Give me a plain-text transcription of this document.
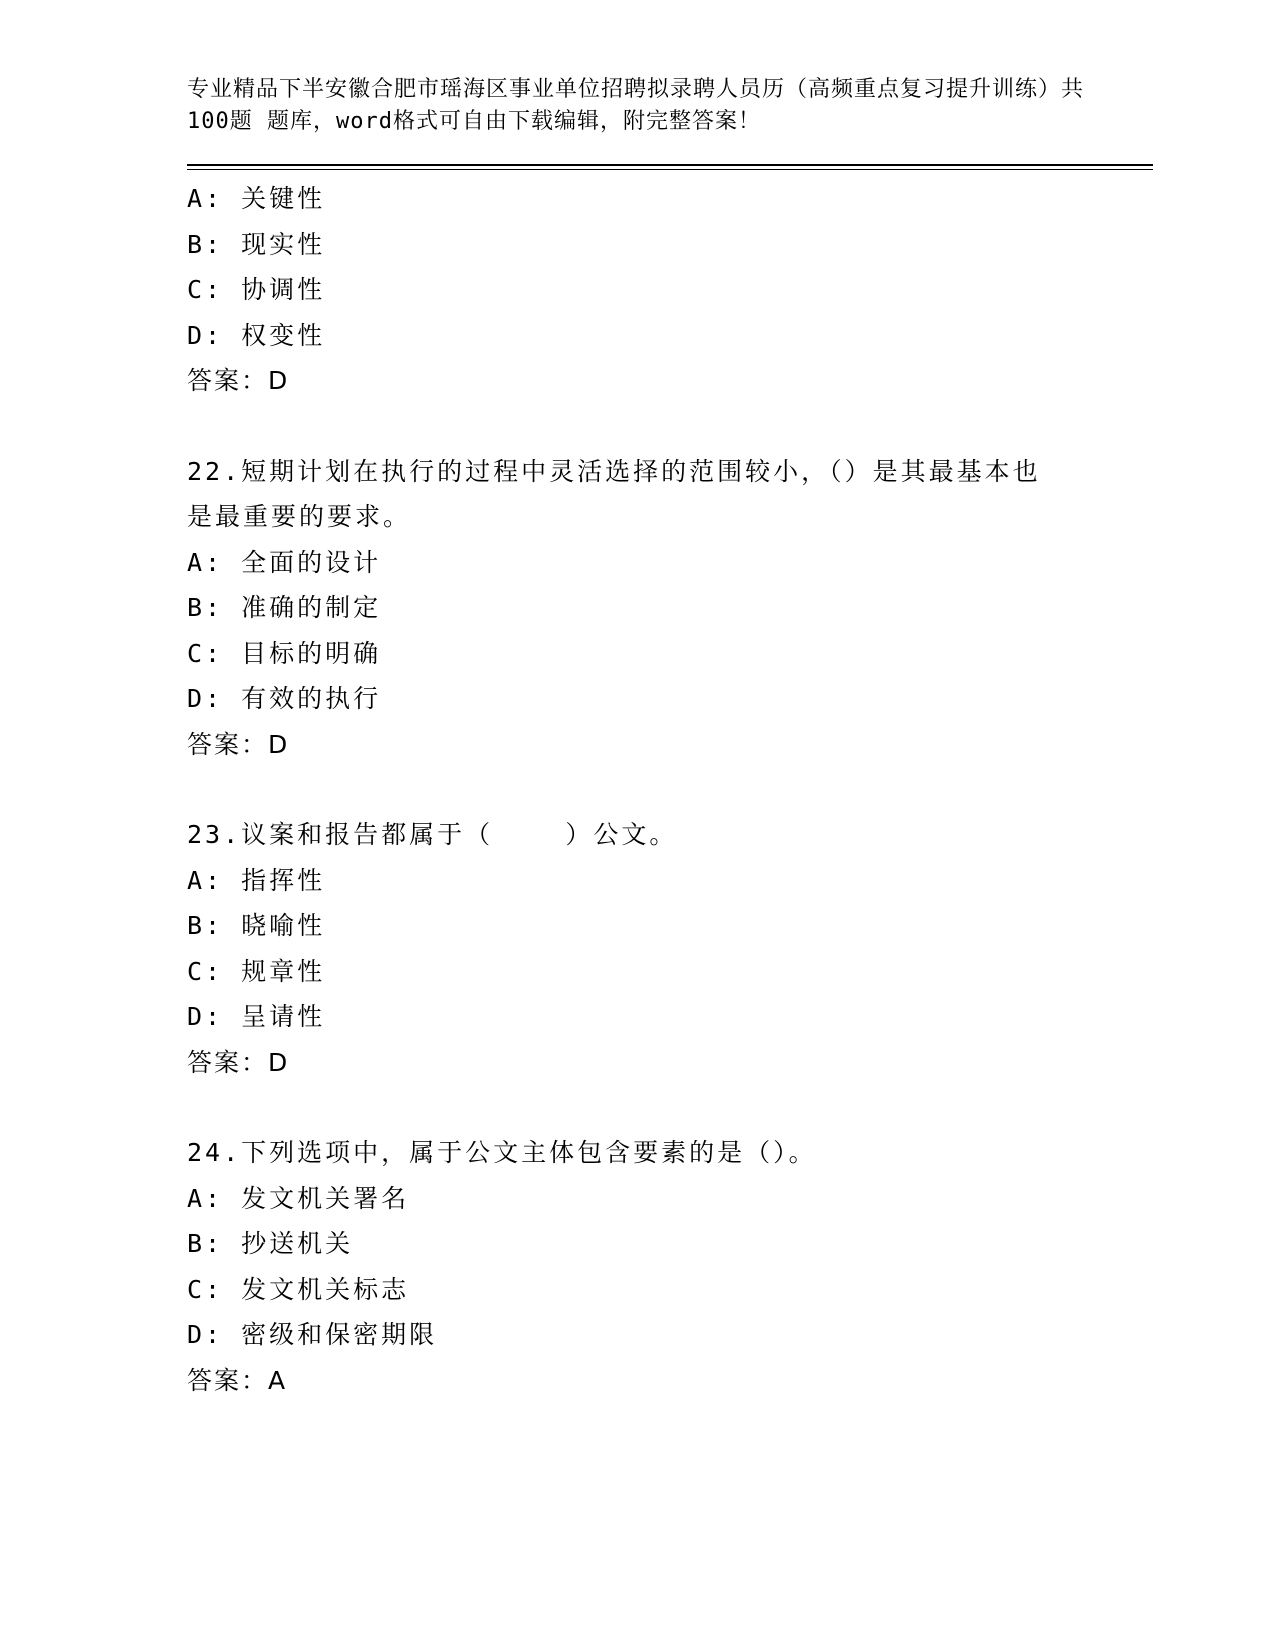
专业精品下半安徽合肥市瑶海区事业单位招聘拟录聘人员历（高频重点复习提升训练）共100题 题库，word格式可自由下载编辑，附完整答案！

A: 关键性

B: 现实性

C: 协调性

D: 权变性

答案：D

22.短期计划在执行的过程中灵活选择的范围较小，（）是其最基本也是最重要的要求。

A: 全面的设计

B: 准确的制定

C: 目标的明确

D: 有效的执行

答案：D

23.议案和报告都属于（    ）公文。

A: 指挥性

B: 晓喻性

C: 规章性

D: 呈请性

答案：D

24.下列选项中，属于公文主体包含要素的是（）。

A: 发文机关署名

B: 抄送机关

C: 发文机关标志

D: 密级和保密期限

答案：A
